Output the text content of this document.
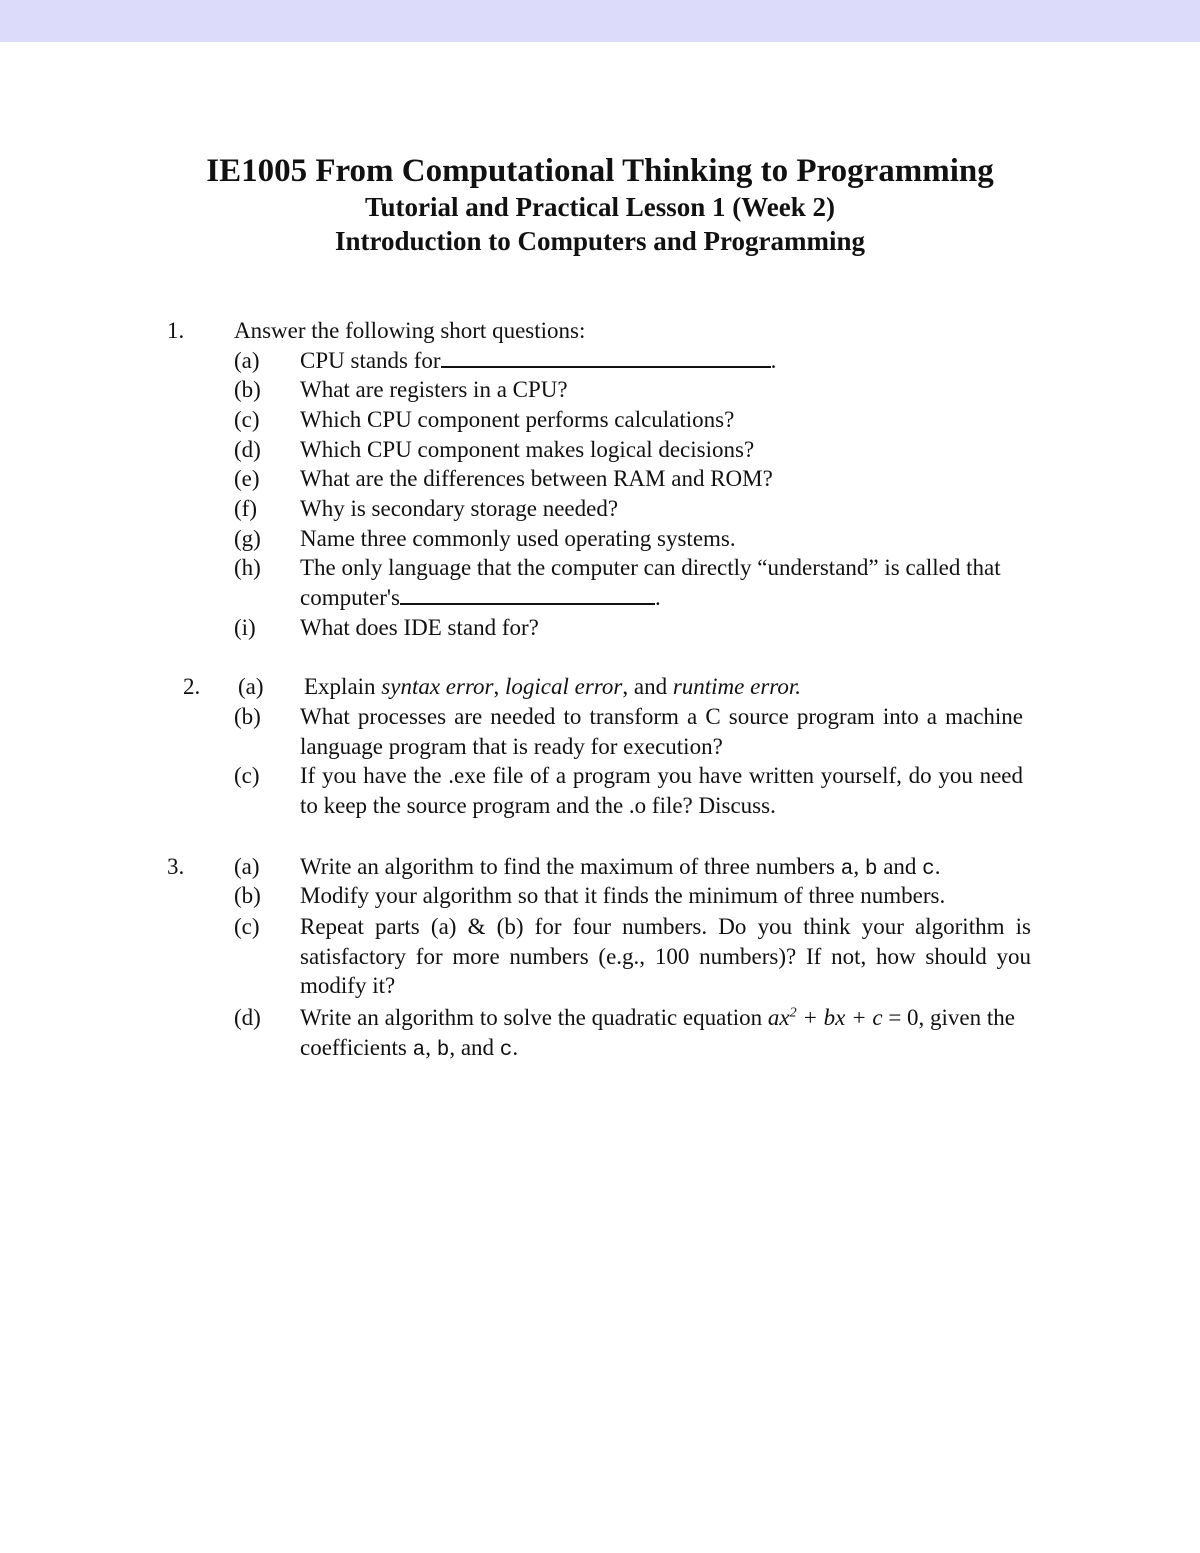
IE1005 From Computational Thinking to Programming
Tutorial and Practical Lesson 1 (Week 2)
Introduction to Computers and Programming
1. Answer the following short questions:
(a) CPU stands for	.
(b) What are registers in a CPU?
(c) Which CPU component performs calculations?
(d) Which CPU component makes logical decisions?
(e) What are the differences between RAM and ROM?
(f) Why is secondary storage needed?
(g) Name three commonly used operating systems.
(h) The only language that the computer can directly “understand” is called that computer's	.
(i) What does IDE stand for?
2. (a) Explain syntax error, logical error, and runtime error.
(b) What processes are needed to transform a C source program into a machine language program that is ready for execution?
(c) If you have the .exe file of a program you have written yourself, do you need to keep the source program and the .o file? Discuss.
3. (a) Write an algorithm to find the maximum of three numbers a, b and c.
(b) Modify your algorithm so that it finds the minimum of three numbers.
(c) Repeat parts (a) & (b) for four numbers. Do you think your algorithm is satisfactory for more numbers (e.g., 100 numbers)? If not, how should you modify it?
(d) Write an algorithm to solve the quadratic equation $ax^2$ + bx + c = 0, given the coefficients a, b, and c.
